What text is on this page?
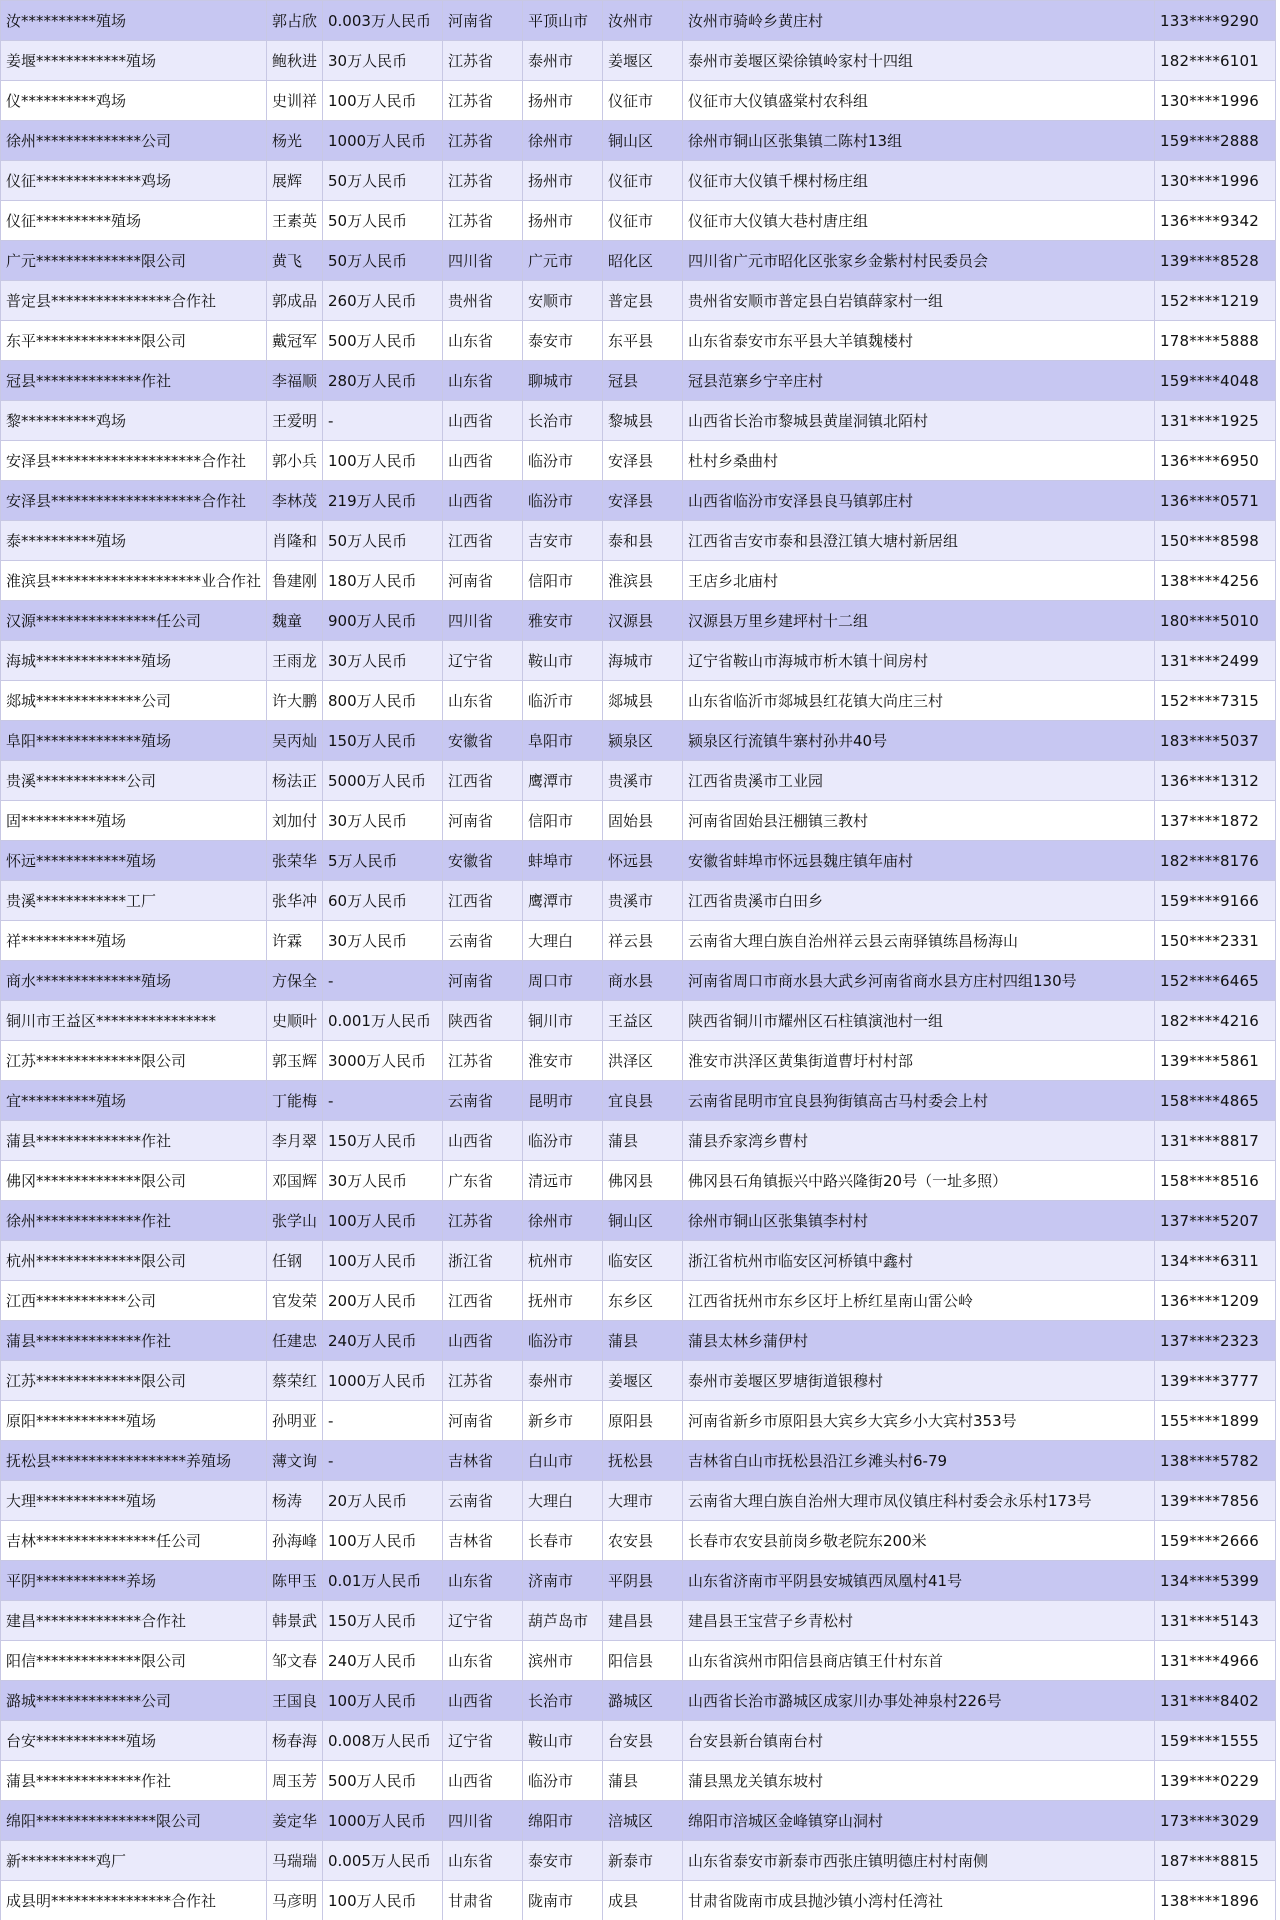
汝**********殖场	郭占欣	0.003万人民币	河南省	平顶山市	汝州市	汝州市骑岭乡黄庄村	133****9290
姜堰************殖场	鲍秋进	30万人民币	江苏省	泰州市	姜堰区	泰州市姜堰区梁徐镇岭家村十四组	182****6101
仪**********鸡场	史训祥	100万人民币	江苏省	扬州市	仪征市	仪征市大仪镇盛棠村农科组	130****1996
徐州**************公司	杨光	1000万人民币	江苏省	徐州市	铜山区	徐州市铜山区张集镇二陈村13组	159****2888
仪征**************鸡场	展辉	50万人民币	江苏省	扬州市	仪征市	仪征市大仪镇千棵村杨庄组	130****1996
仪征**********殖场	王素英	50万人民币	江苏省	扬州市	仪征市	仪征市大仪镇大巷村唐庄组	136****9342
广元**************限公司	黄飞	50万人民币	四川省	广元市	昭化区	四川省广元市昭化区张家乡金紫村村民委员会	139****8528
普定县****************合作社	郭成品	260万人民币	贵州省	安顺市	普定县	贵州省安顺市普定县白岩镇薛家村一组	152****1219
东平**************限公司	戴冠军	500万人民币	山东省	泰安市	东平县	山东省泰安市东平县大羊镇魏楼村	178****5888
冠县**************作社	李福顺	280万人民币	山东省	聊城市	冠县	冠县范寨乡宁辛庄村	159****4048
黎**********鸡场	王爱明	-	山西省	长治市	黎城县	山西省长治市黎城县黄崖洞镇北陌村	131****1925
安泽县********************合作社	郭小兵	100万人民币	山西省	临汾市	安泽县	杜村乡桑曲村	136****6950
安泽县********************合作社	李林茂	219万人民币	山西省	临汾市	安泽县	山西省临汾市安泽县良马镇郭庄村	136****0571
泰**********殖场	肖隆和	50万人民币	江西省	吉安市	泰和县	江西省吉安市泰和县澄江镇大塘村新居组	150****8598
淮滨县********************业合作社	鲁建刚	180万人民币	河南省	信阳市	淮滨县	王店乡北庙村	138****4256
汉源****************任公司	魏童	900万人民币	四川省	雅安市	汉源县	汉源县万里乡建坪村十二组	180****5010
海城**************殖场	王雨龙	30万人民币	辽宁省	鞍山市	海城市	辽宁省鞍山市海城市析木镇十间房村	131****2499
郯城**************公司	许大鹏	800万人民币	山东省	临沂市	郯城县	山东省临沂市郯城县红花镇大尚庄三村	152****7315
阜阳**************殖场	吴丙灿	150万人民币	安徽省	阜阳市	颍泉区	颍泉区行流镇牛寨村孙井40号	183****5037
贵溪************公司	杨法正	5000万人民币	江西省	鹰潭市	贵溪市	江西省贵溪市工业园	136****1312
固**********殖场	刘加付	30万人民币	河南省	信阳市	固始县	河南省固始县汪棚镇三教村	137****1872
怀远************殖场	张荣华	5万人民币	安徽省	蚌埠市	怀远县	安徽省蚌埠市怀远县魏庄镇年庙村	182****8176
贵溪************工厂	张华冲	60万人民币	江西省	鹰潭市	贵溪市	江西省贵溪市白田乡	159****9166
祥**********殖场	许霖	30万人民币	云南省	大理白	祥云县	云南省大理白族自治州祥云县云南驿镇练昌杨海山	150****2331
商水**************殖场	方保全	-	河南省	周口市	商水县	河南省周口市商水县大武乡河南省商水县方庄村四组130号	152****6465
铜川市王益区****************	史顺叶	0.001万人民币	陕西省	铜川市	王益区	陕西省铜川市耀州区石柱镇演池村一组	182****4216
江苏**************限公司	郭玉辉	3000万人民币	江苏省	淮安市	洪泽区	淮安市洪泽区黄集街道曹圩村村部	139****5861
宜**********殖场	丁能梅	-	云南省	昆明市	宜良县	云南省昆明市宜良县狗街镇高古马村委会上村	158****4865
蒲县**************作社	李月翠	150万人民币	山西省	临汾市	蒲县	蒲县乔家湾乡曹村	131****8817
佛冈**************限公司	邓国辉	30万人民币	广东省	清远市	佛冈县	佛冈县石角镇振兴中路兴隆街20号（一址多照）	158****8516
徐州**************作社	张学山	100万人民币	江苏省	徐州市	铜山区	徐州市铜山区张集镇李村村	137****5207
杭州**************限公司	任钢	100万人民币	浙江省	杭州市	临安区	浙江省杭州市临安区河桥镇中鑫村	134****6311
江西************公司	官发荣	200万人民币	江西省	抚州市	东乡区	江西省抚州市东乡区圩上桥红星南山雷公岭	136****1209
蒲县**************作社	任建忠	240万人民币	山西省	临汾市	蒲县	蒲县太林乡蒲伊村	137****2323
江苏**************限公司	蔡荣红	1000万人民币	江苏省	泰州市	姜堰区	泰州市姜堰区罗塘街道银穆村	139****3777
原阳************殖场	孙明亚	-	河南省	新乡市	原阳县	河南省新乡市原阳县大宾乡大宾乡小大宾村353号	155****1899
抚松县******************养殖场	薄文询	-	吉林省	白山市	抚松县	吉林省白山市抚松县沿江乡滩头村6-79	138****5782
大理************殖场	杨涛	20万人民币	云南省	大理白	大理市	云南省大理白族自治州大理市凤仪镇庄科村委会永乐村173号	139****7856
吉林****************任公司	孙海峰	100万人民币	吉林省	长春市	农安县	长春市农安县前岗乡敬老院东200米	159****2666
平阴************养场	陈甲玉	0.01万人民币	山东省	济南市	平阴县	山东省济南市平阴县安城镇西凤凰村41号	134****5399
建昌**************合作社	韩景武	150万人民币	辽宁省	葫芦岛市	建昌县	建昌县王宝营子乡青松村	131****5143
阳信**************限公司	邹文春	240万人民币	山东省	滨州市	阳信县	山东省滨州市阳信县商店镇王什村东首	131****4966
潞城**************公司	王国良	100万人民币	山西省	长治市	潞城区	山西省长治市潞城区成家川办事处神泉村226号	131****8402
台安************殖场	杨春海	0.008万人民币	辽宁省	鞍山市	台安县	台安县新台镇南台村	159****1555
蒲县**************作社	周玉芳	500万人民币	山西省	临汾市	蒲县	蒲县黑龙关镇东坡村	139****0229
绵阳****************限公司	姜定华	1000万人民币	四川省	绵阳市	涪城区	绵阳市涪城区金峰镇穿山洞村	173****3029
新**********鸡厂	马瑞瑞	0.005万人民币	山东省	泰安市	新泰市	山东省泰安市新泰市西张庄镇明德庄村村南侧	187****8815
成县明****************合作社	马彦明	100万人民币	甘肃省	陇南市	成县	甘肃省陇南市成县抛沙镇小湾村任湾社	138****1896
